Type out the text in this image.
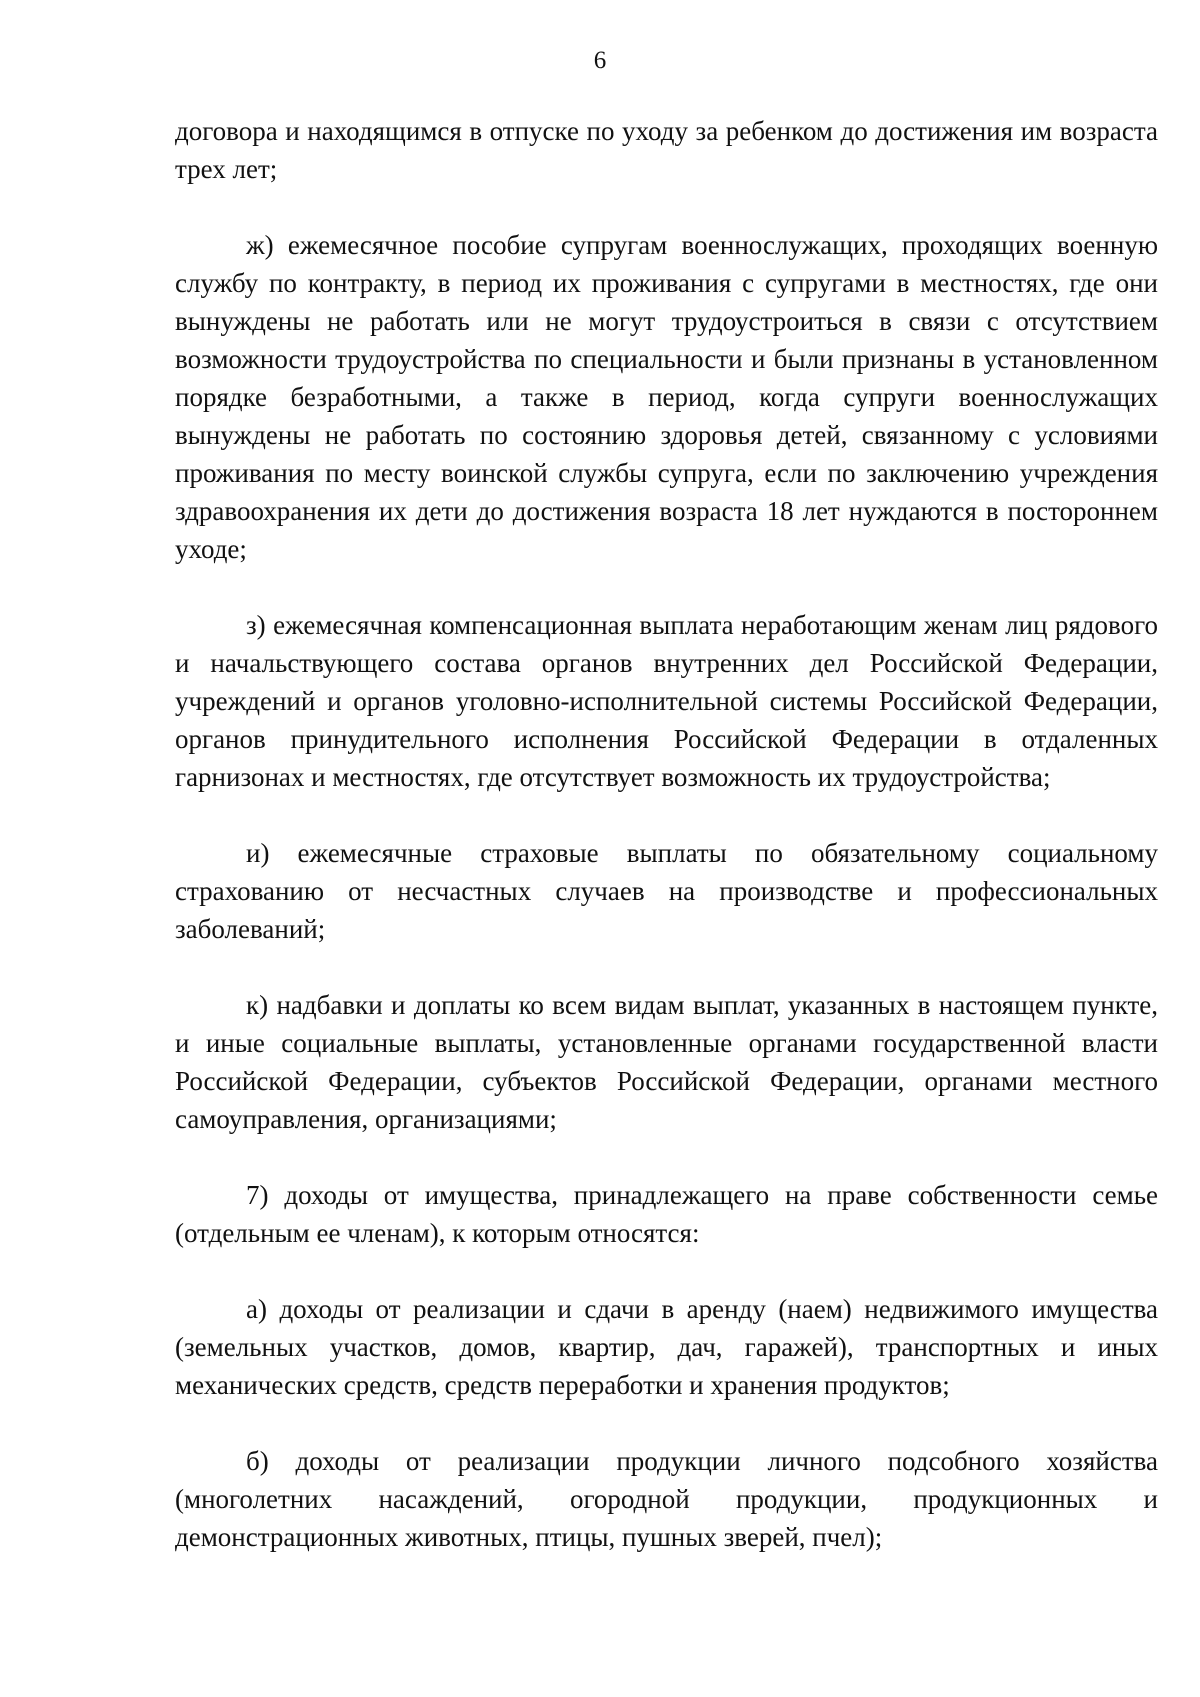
6

договора и находящимся в отпуске по уходу за ребенком до достижения им возраста трех лет;

ж) ежемесячное пособие супругам военнослужащих, проходящих военную службу по контракту, в период их проживания с супругами в местностях, где они вынуждены не работать или не могут трудоустроиться в связи с отсутствием возможности трудоустройства по специальности и были признаны в установленном порядке безработными, а также в период, когда супруги военнослужащих вынуждены не работать по состоянию здоровья детей, связанному с условиями проживания по месту воинской службы супруга, если по заключению учреждения здравоохранения их дети до достижения возраста 18 лет нуждаются в постороннем уходе;

з) ежемесячная компенсационная выплата неработающим женам лиц рядового и начальствующего состава органов внутренних дел Российской Федерации, учреждений и органов уголовно-исполнительной системы Российской Федерации, органов принудительного исполнения Российской Федерации в отдаленных гарнизонах и местностях, где отсутствует возможность их трудоустройства;

и) ежемесячные страховые выплаты по обязательному социальному страхованию от несчастных случаев на производстве и профессиональных заболеваний;

к) надбавки и доплаты ко всем видам выплат, указанных в настоящем пункте, и иные социальные выплаты, установленные органами государственной власти Российской Федерации, субъектов Российской Федерации, органами местного самоуправления, организациями;

7) доходы от имущества, принадлежащего на праве собственности семье (отдельным ее членам), к которым относятся:

а) доходы от реализации и сдачи в аренду (наем) недвижимого имущества (земельных участков, домов, квартир, дач, гаражей), транспортных и иных механических средств, средств переработки и хранения продуктов;

б) доходы от реализации продукции личного подсобного хозяйства (многолетних насаждений, огородной продукции, продукционных и демонстрационных животных, птицы, пушных зверей, пчел);
